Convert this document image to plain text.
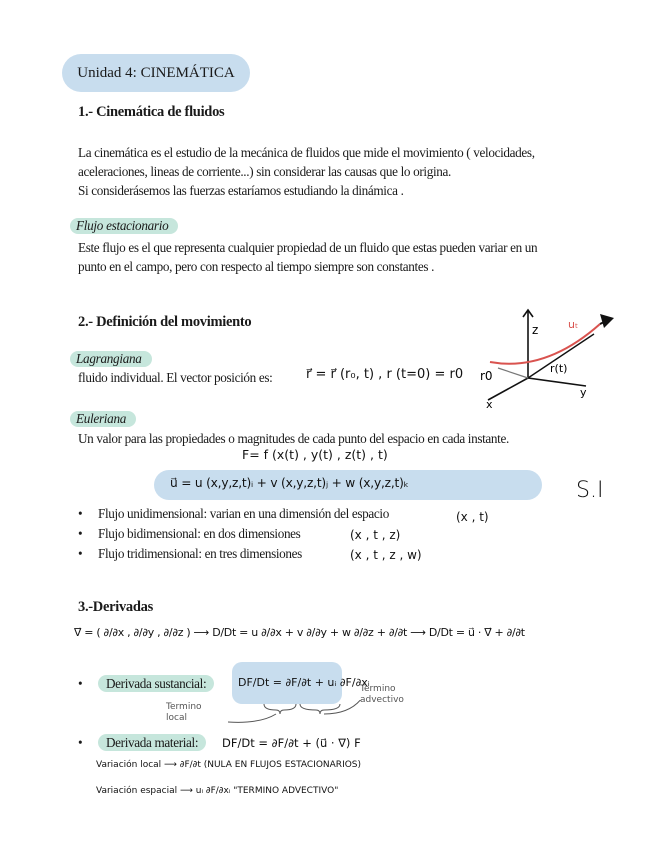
Unidad 4: CINEMÁTICA
1.- Cinemática de fluidos
La cinemática es el estudio de la mecánica de fluidos que mide el movimiento ( velocidades,
aceleraciones, lineas de corriente...) sin considerar las causas que lo origina.
Si considerásemos las fuerzas estaríamos estudiando la dinámica .
Flujo estacionario
Este flujo es el que representa cualquier propiedad de un fluido que estas pueden variar en un
punto en el campo, pero con respecto al tiempo siempre son constantes .
2.- Definición del movimiento
Lagrangiana
fluido individual. El vector posición es:	r⃗ = r⃗ (r₀, t) , r (t=0) = r0
z
x
y
r0
r(t)
uₜ
Euleriana
Un valor para las propiedades o magnitudes de cada punto del espacio en cada instante.
F= f (x(t) , y(t) , z(t) , t)
u⃗ = u (x,y,z,t)ᵢ + v (x,y,z,t)ⱼ + w (x,y,z,t)ₖ	S.I
• Flujo unidimensional: varian en una dimensión del espacio
• Flujo bidimensional: en dos dimensiones
• Flujo tridimensional: en tres dimensiones
(x , t)
(x , t , z)
(x , t , z , w)
3.-Derivadas
∇⃗ = ( ∂/∂x , ∂/∂y , ∂/∂z ) ⟶ D/Dt = u ∂/∂x + v ∂/∂y + w ∂/∂z + ∂/∂t ⟶ D/Dt = u⃗ · ∇⃗ + ∂/∂t
• Derivada sustancial:	DF/Dt = ∂F/∂t + uᵢ ∂F/∂xᵢ
Termino local
Termino advectivo
• Derivada material:	DF/Dt = ∂F/∂t + (u⃗ · ∇) F
Variación local ⟶ ∂F/∂t (NULA EN FLUJOS ESTACIONARIOS)
Variación espacial ⟶ uᵢ ∂F/∂xᵢ "TERMINO ADVECTIVO"
